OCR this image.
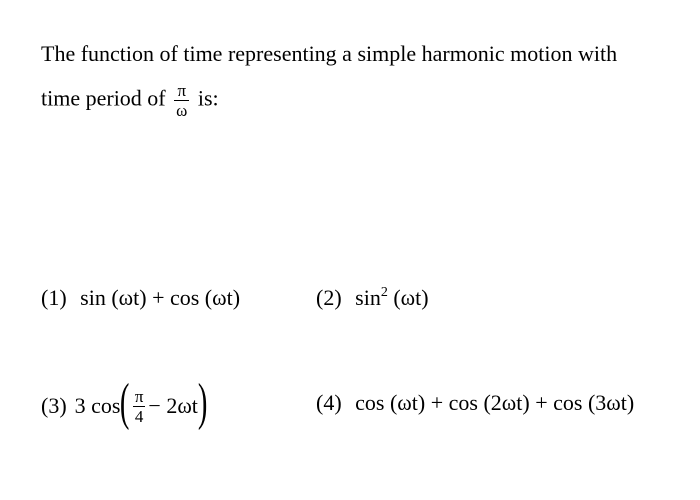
The function of time representing a simple harmonic motion with
time period of $\frac{\pi}{\omega}$ is:
(1) sin (ωt) + cos (ωt)	(2) $\sin^2 (\omega t)$
(3) 3 cos ( $\frac{\pi}{4} - 2\omega t$ )	(4) cos (ωt) + cos (2ωt) + cos (3ωt)
